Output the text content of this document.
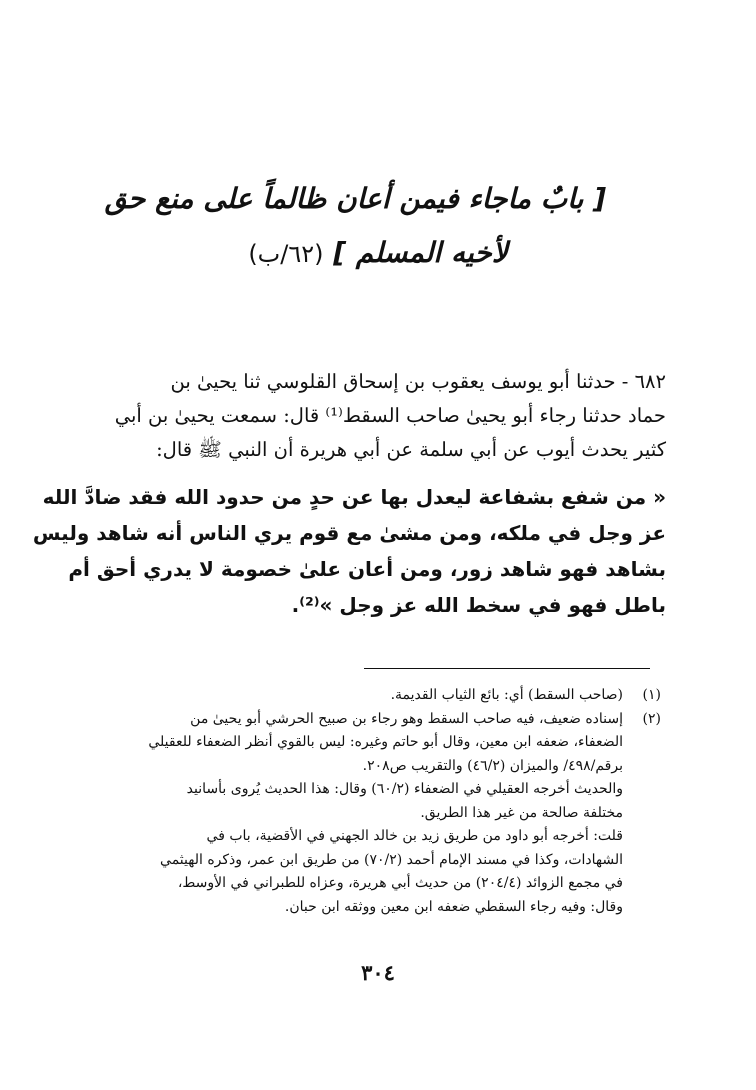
[ بابٌ ماجاء فيمن أعان ظالماً على منع حق
لأخيه المسلم ] (٦٢/ب)
٦٨٢ - حدثنا أبو يوسف يعقوب بن إسحاق القلوسي ثنا يحيىٰ بن
حماد حدثنا رجاء أبو يحيىٰ صاحب السقط⁽¹⁾ قال: سمعت يحيىٰ بن أبي
كثير يحدث أيوب عن أبي سلمة عن أبي هريرة أن النبي ﷺ قال:
« من شفع بشفاعة ليعدل بها عن حدٍ من حدود الله فقد ضادَّ الله
عز وجل في ملكه، ومن مشىٰ مع قوم يري الناس أنه شاهد وليس
بشاهد فهو شاهد زور، ومن أعان علىٰ خصومة لا يدري أحق أم
باطل فهو في سخط الله عز وجل »⁽²⁾.
(١)
(صاحب السقط) أي: بائع الثياب القديمة.
(٢)
إسناده ضعيف، فيه صاحب السقط وهو رجاء بن صبيح الحرشي أبو يحيىٰ من
الضعفاء، ضعفه ابن معين، وقال أبو حاتم وغيره: ليس بالقوي أنظر الضعفاء للعقيلي
برقم/٤٩٨/ والميزان (٤٦/٢) والتقريب ص٢٠٨.
والحديث أخرجه العقيلي في الضعفاء (٦٠/٢) وقال: هذا الحديث يُروى بأسانيد
مختلفة صالحة من غير هذا الطريق.
قلت: أخرجه أبو داود من طريق زيد بن خالد الجهني في الأقضية، باب في
الشهادات، وكذا في مسند الإمام أحمد (٧٠/٢) من طريق ابن عمر، وذكره الهيثمي
في مجمع الزوائد (٢٠٤/٤) من حديث أبي هريرة، وعزاه للطبراني في الأوسط،
وقال: وفيه رجاء السقطي ضعفه ابن معين ووثقه ابن حبان.
٣٠٤
